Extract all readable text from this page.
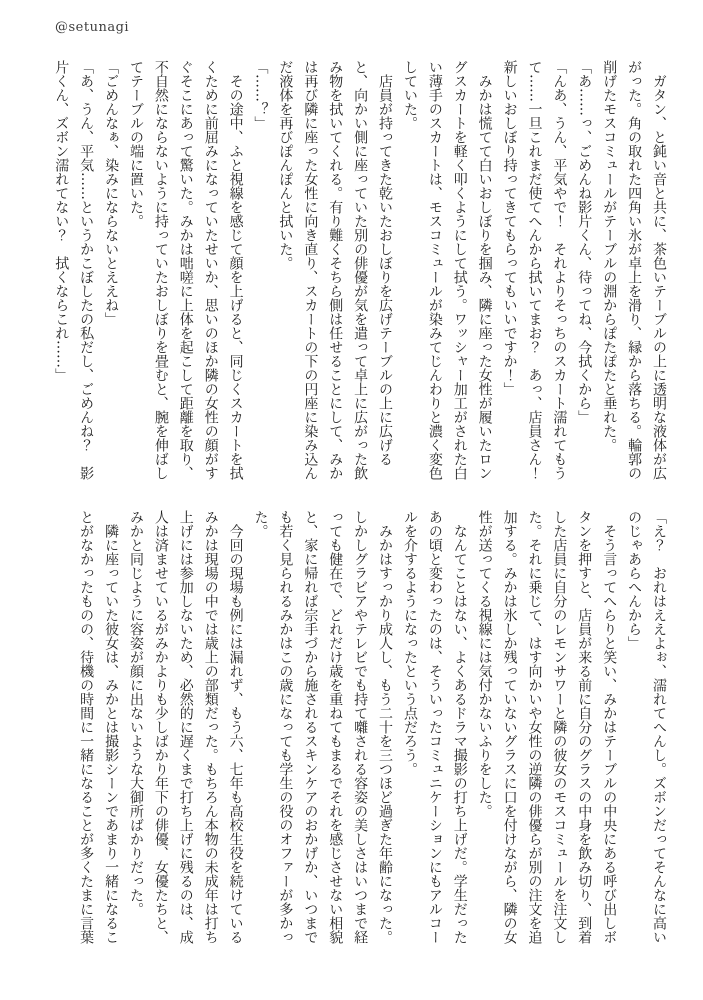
@setunagi

ガタン、と鈍い音と共に、茶色いテーブルの上に透明な液体が広がった。角の取れた四角い氷が卓上を滑り、縁から落ちる。輪郭の削げたモスコミュールがテーブルの淵からぽたぽたと垂れた。

「あ……っ、ごめんね影片くん、待ってね、今拭くから」

「んあ、うん、平気やで！　それよりそっちのスカート濡れてもうて……一旦これまだ使てへんから拭いてまお？　あっ、店員さん！　新しいおしぼり持ってきてもらってもいいですか！」

みかは慌てて白いおしぼりを掴み、隣に座った女性が履いたロングスカートを軽く叩くようにして拭う。ワッシャー加工がされた白い薄手のスカートは、モスコミュールが染みてじんわりと濃く変色していた。

店員が持ってきた乾いたおしぼりを広げテーブルの上に広げると、向かい側に座っていた別の俳優が気を遣って卓上に広がった飲み物を拭いてくれる。有り難くそちら側は任せることにして、みかは再び隣に座った女性に向き直り、スカートの下の円座に染み込んだ液体を再びぽんぽんと拭いた。

「……？」

その途中、ふと視線を感じて顔を上げると、同じくスカートを拭くために前屈みになっていたせいか、思いのほか隣の女性の顔がすぐそこにあって驚いた。みかは咄嗟に上体を起こして距離を取り、不自然にならないように持っていたおしぼりを畳むと、腕を伸ばしてテーブルの端に置いた。

「ごめんなぁ、染みにならないとええね」

「あ、うん、平気……というかこぼしたの私だし、ごめんね？　影片くん、ズボン濡れてない？　拭くならこれ……」

「え？　おれはええよぉ、濡れてへんし。ズボンだってそんなに高いのじゃあらへんから」

そう言ってへらりと笑い、みかはテーブルの中央にある呼び出しボタンを押すと、店員が来る前に自分のグラスの中身を飲み切り、到着した店員に自分のレモンサワーと隣の彼女のモスコミュールを注文した。それに乗じて、はす向かいや女性の逆隣の俳優らが別の注文を追加する。みかは氷しか残っていないグラスに口を付けながら、隣の女性が送ってくる視線には気付かないふりをした。

なんてことはない、よくあるドラマ撮影の打ち上げだ。学生だったあの頃と変わったのは、そういったコミュニケーションにもアルコールを介するようになったという点だろう。

みかはすっかり成人し、もう二十を三つほど過ぎた年齢になった。しかしグラビアやテレビでも持て囃される容姿の美しさはいつまで経っても健在で、どれだけ歳を重ねてもまるでそれを感じさせない相貌と、家に帰れば宗手づから施されるスキンケアのおかげか、いつまでも若く見られるみかはこの歳になっても学生の役のオファーが多かった。

今回の現場も例には漏れず、もう六、七年も高校生役を続けているみかは現場の中では歳上の部類だった。もちろん本物の未成年は打ち上げには参加しないため、必然的に遅くまで打ち上げに残るのは、成人は済ませているがみかよりも少しばかり年下の俳優、女優たちと、みかと同じように容姿が顔に出ないような大御所ばかりだった。

隣に座っていた彼女は、みかとは撮影シーンであまり一緒になることがなかったものの、待機の時間に一緒になることが多くたまに言葉
